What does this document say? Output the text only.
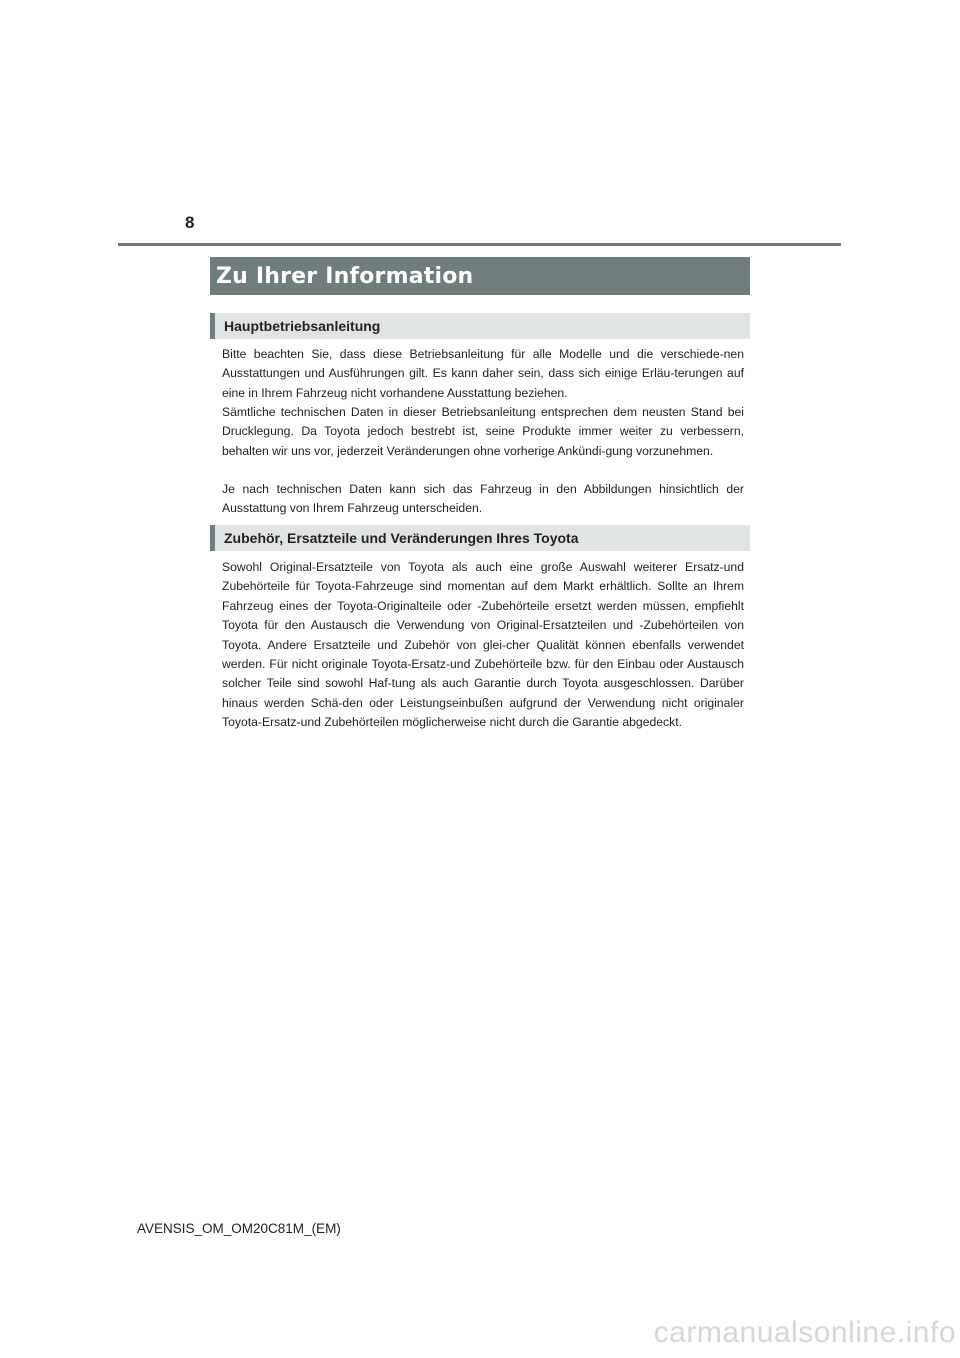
8
Zu Ihrer Information
Hauptbetriebsanleitung

Bitte beachten Sie, dass diese Betriebsanleitung für alle Modelle und die verschiede-nen Ausstattungen und Ausführungen gilt. Es kann daher sein, dass sich einige Erläu-terungen auf eine in Ihrem Fahrzeug nicht vorhandene Ausstattung beziehen.

Sämtliche technischen Daten in dieser Betriebsanleitung entsprechen dem neusten Stand bei Drucklegung. Da Toyota jedoch bestrebt ist, seine Produkte immer weiter zu verbessern, behalten wir uns vor, jederzeit Veränderungen ohne vorherige Ankündi-gung vorzunehmen.

Je nach technischen Daten kann sich das Fahrzeug in den Abbildungen hinsichtlich der Ausstattung von Ihrem Fahrzeug unterscheiden.

Zubehör, Ersatzteile und Veränderungen Ihres Toyota

Sowohl Original-Ersatzteile von Toyota als auch eine große Auswahl weiterer Ersatz-und Zubehörteile für Toyota-Fahrzeuge sind momentan auf dem Markt erhältlich. Sollte an Ihrem Fahrzeug eines der Toyota-Originalteile oder -Zubehörteile ersetzt werden müssen, empfiehlt Toyota für den Austausch die Verwendung von Original-Ersatzteilen und -Zubehörteilen von Toyota. Andere Ersatzteile und Zubehör von glei-cher Qualität können ebenfalls verwendet werden. Für nicht originale Toyota-Ersatz-und Zubehörteile bzw. für den Einbau oder Austausch solcher Teile sind sowohl Haf-tung als auch Garantie durch Toyota ausgeschlossen. Darüber hinaus werden Schä-den oder Leistungseinbußen aufgrund der Verwendung nicht originaler Toyota-Ersatz-und Zubehörteilen möglicherweise nicht durch die Garantie abgedeckt.

AVENSIS_OM_OM20C81M_(EM)
carmanualsonline.info
